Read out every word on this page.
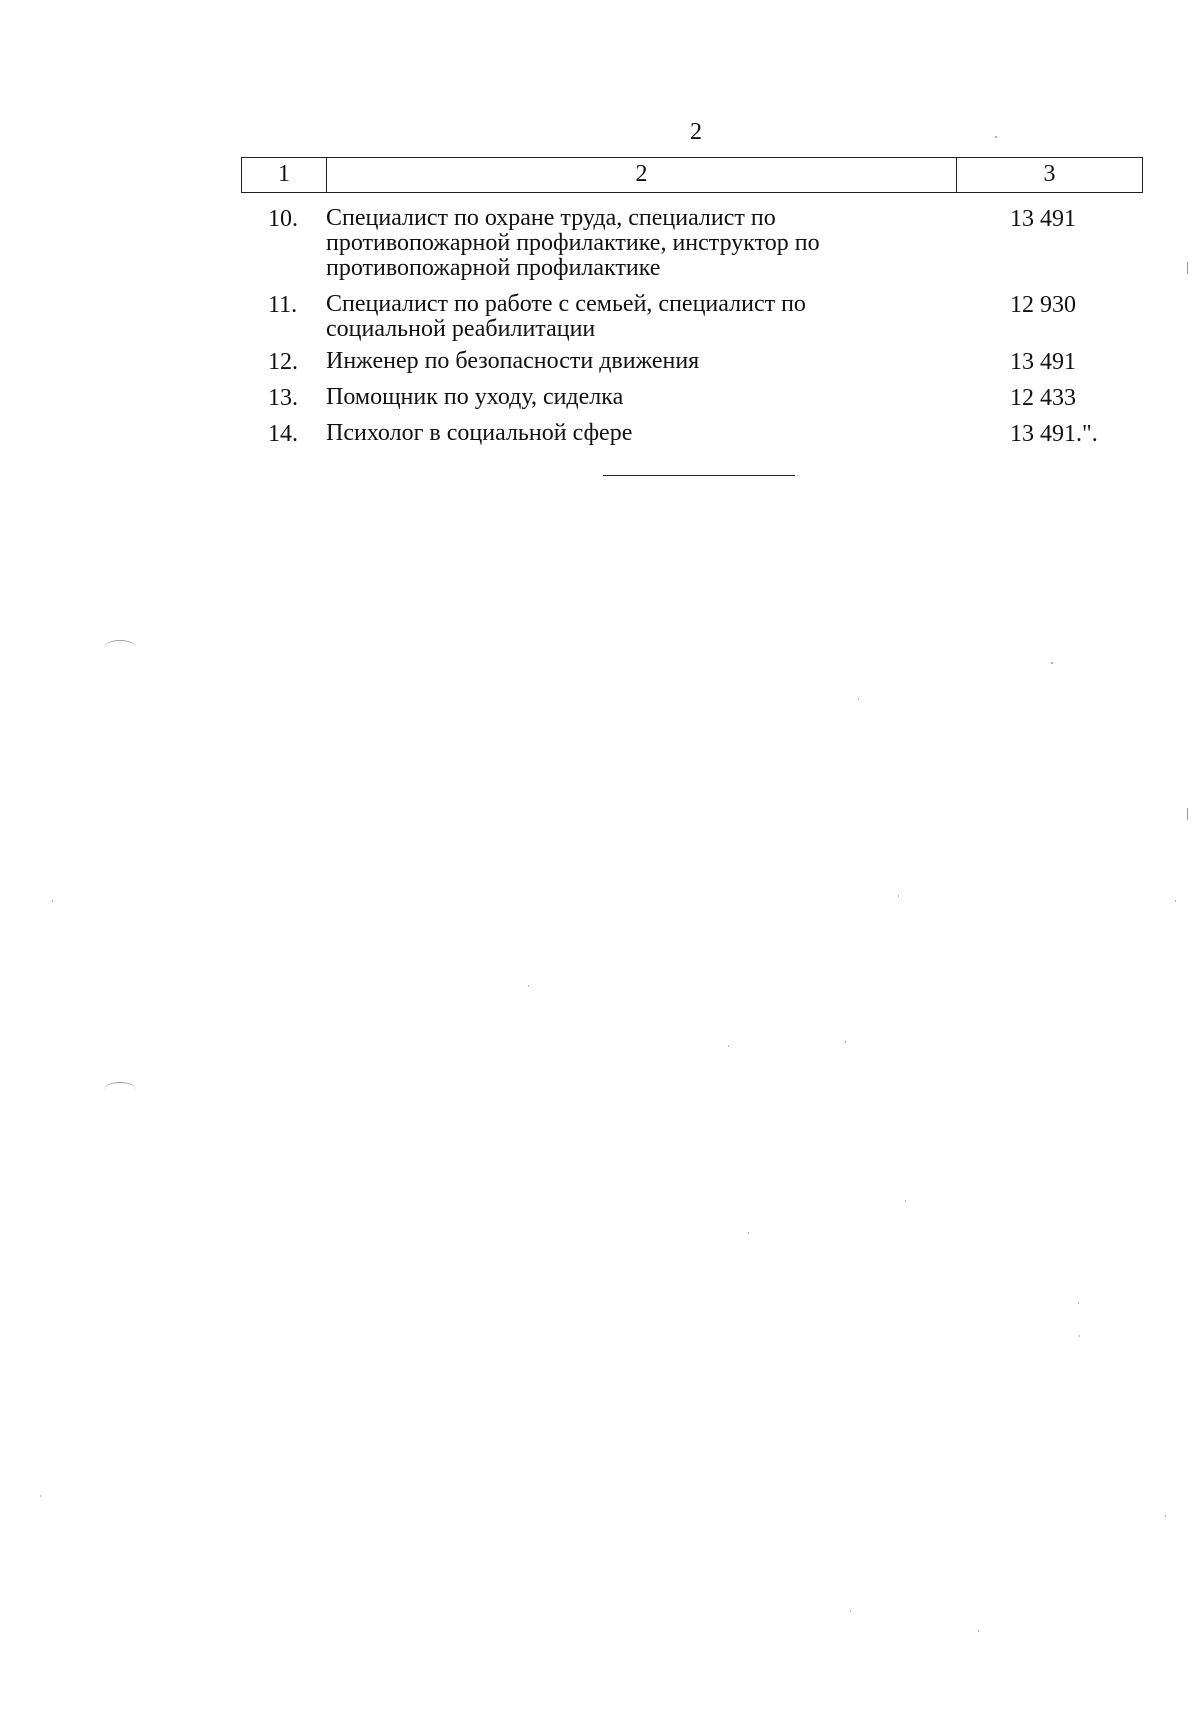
2
1	2	3
10.	Специалист по охране труда, специалист по
противопожарной профилактике, инструктор по
противопожарной профилактике
13 491
11.	Специалист по работе с семьей, специалист по
социальной реабилитации
12 930
12.	Инженер по безопасности движения	13 491
13.	Помощник по уходу, сиделка	12 433
14.	Психолог в социальной сфере	13 491.".
